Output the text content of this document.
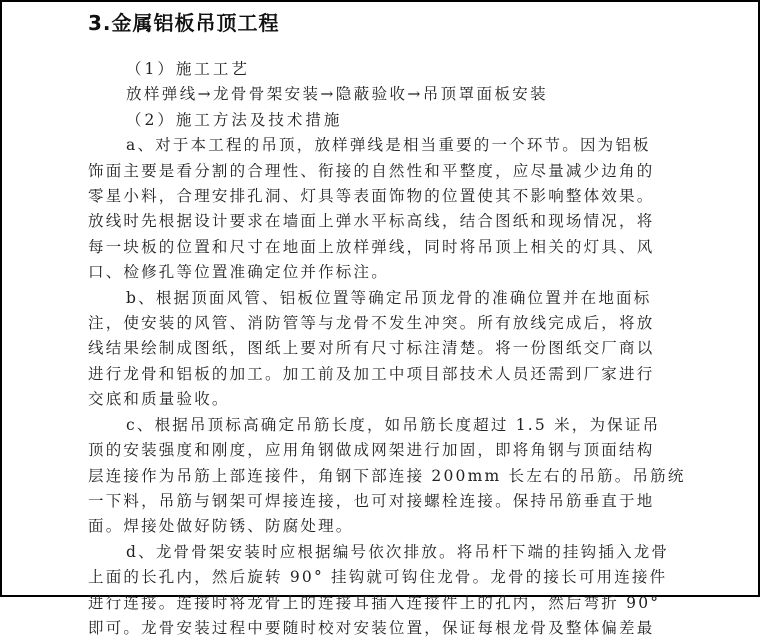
3.金属铝板吊顶工程

（1）施工工艺

放样弹线→龙骨骨架安装→隐蔽验收→吊顶罩面板安装

（2）施工方法及技术措施

a、对于本工程的吊顶，放样弹线是相当重要的一个环节。因为铝板

饰面主要是看分割的合理性、衔接的自然性和平整度，应尽量减少边角的

零星小料，合理安排孔洞、灯具等表面饰物的位置使其不影响整体效果。

放线时先根据设计要求在墙面上弹水平标高线，结合图纸和现场情况，将

每一块板的位置和尺寸在地面上放样弹线，同时将吊顶上相关的灯具、风

口、检修孔等位置准确定位并作标注。

b、根据顶面风管、铝板位置等确定吊顶龙骨的准确位置并在地面标

注，使安装的风管、消防管等与龙骨不发生冲突。所有放线完成后，将放

线结果绘制成图纸，图纸上要对所有尺寸标注清楚。将一份图纸交厂商以

进行龙骨和铝板的加工。加工前及加工中项目部技术人员还需到厂家进行

交底和质量验收。

c、根据吊顶标高确定吊筋长度，如吊筋长度超过 1.5 米，为保证吊

顶的安装强度和刚度，应用角钢做成网架进行加固，即将角钢与顶面结构

层连接作为吊筋上部连接件，角钢下部连接 200mm 长左右的吊筋。吊筋统

一下料，吊筋与钢架可焊接连接，也可对接螺栓连接。保持吊筋垂直于地

面。焊接处做好防锈、防腐处理。

d、龙骨骨架安装时应根据编号依次排放。将吊杆下端的挂钩插入龙骨

上面的长孔内，然后旋转 90° 挂钩就可钩住龙骨。龙骨的接长可用连接件

进行连接。连接时将龙骨上的连接耳插入连接件上的孔内，然后弯折 90°

即可。龙骨安装过程中要随时校对安装位置，保证每根龙骨及整体偏差最
